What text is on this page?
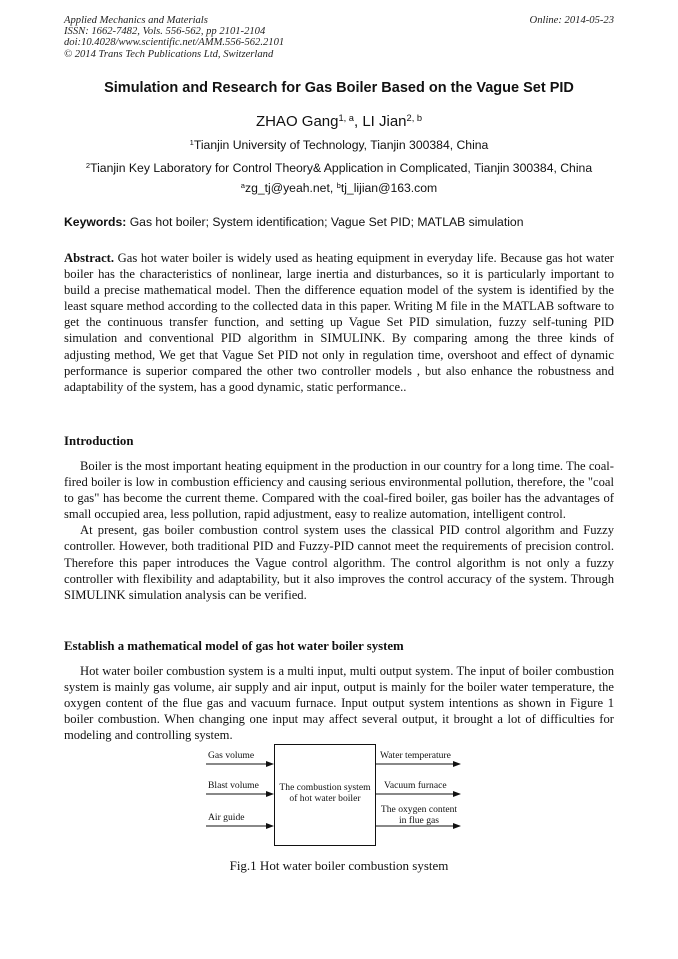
Applied Mechanics and Materials
ISSN: 1662-7482, Vols. 556-562, pp 2101-2104
doi:10.4028/www.scientific.net/AMM.556-562.2101
© 2014 Trans Tech Publications Ltd, Switzerland
Online: 2014-05-23
Simulation and Research for Gas Boiler Based on the Vague Set PID
ZHAO Gang$^{1, a}$, LI Jian$^{2, b}$
$^1$Tianjin University of Technology, Tianjin 300384, China
$^2$Tianjin Key Laboratory for Control Theory& Application in Complicated, Tianjin 300384, China
$^a$zg_tj@yeah.net, $^b$tj_lijian@163.com
Keywords: Gas hot boiler; System identification; Vague Set PID; MATLAB simulation

Abstract. Gas hot water boiler is widely used as heating equipment in everyday life. Because gas hot water boiler has the characteristics of nonlinear, large inertia and disturbances, so it is particularly important to build a precise mathematical model. Then the difference equation model of the system is identified by the least square method according to the collected data in this paper. Writing M file in the MATLAB software to get the continuous transfer function, and setting up Vague Set PID simulation, fuzzy self-tuning PID simulation and conventional PID algorithm in SIMULINK. By comparing among the three kinds of adjusting method, We get that Vague Set PID not only in regulation time, overshoot and effect of dynamic performance is superior compared the other two controller models , but also enhance the robustness and adaptability of the system, has a good dynamic, static performance..

Introduction

Boiler is the most important heating equipment in the production in our country for a long time. The coal-fired boiler is low in combustion efficiency and causing serious environmental pollution, therefore, the "coal to gas" has become the current theme. Compared with the coal-fired boiler, gas boiler has the advantages of small occupied area, less pollution, rapid adjustment, easy to realize automation, intelligent control.

At present, gas boiler combustion control system uses the classical PID control algorithm and Fuzzy controller. However, both traditional PID and Fuzzy-PID cannot meet the requirements of precision control. Therefore this paper introduces the Vague control algorithm. The control algorithm is not only a fuzzy controller with flexibility and adaptability, but it also improves the control accuracy of the system. Through SIMULINK simulation analysis can be verified.

Establish a mathematical model of gas hot water boiler system

Hot water boiler combustion system is a multi input, multi output system. The input of boiler combustion system is mainly gas volume, air supply and air input, output is mainly for the boiler water temperature, the oxygen content of the flue gas and vacuum furnace. Input output system intentions as shown in Figure 1 boiler combustion. When changing one input may affect several output, it brought a lot of difficulties for modeling and controlling system.

The combustion system
of hot water boiler
Gas volume
Blast volume
Air guide
Water temperature
Vacuum furnace
The oxygen content
in flue gas
Fig.1 Hot water boiler combustion system
